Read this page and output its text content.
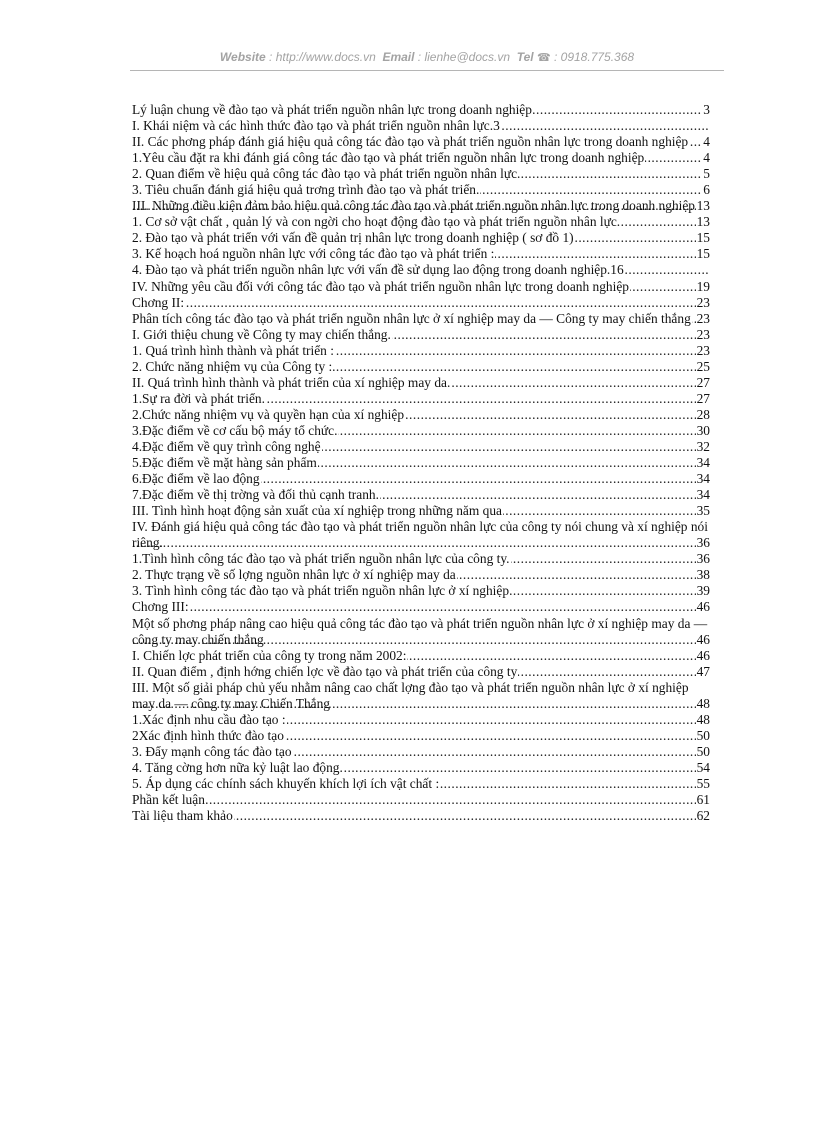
Website : http://www.docs.vn Email : lienhe@docs.vn Tel ☎ : 0918.775.368
.....
Lý luận chung về đào tạo và phát triển nguồn nhân lực trong doanh nghiệp	3
.....
I. Khái niệm và các hình thức đào tạo và phát triển nguồn nhân lực.3
.....
II. Các phơng pháp đánh giá hiệu quả công tác đào tạo và phát triển nguồn nhân lực trong doanh nghiệp 4
.....
1.Yêu cầu đặt ra khi đánh giá công tác đào tạo và phát triển nguồn nhân lực trong doanh nghiệp	4
.....
2. Quan điểm về hiệu quả công tác đào tạo và phát triển nguồn nhân lực.	5
.....
3. Tiêu chuẩn đánh giá hiệu quả trơng trình đào tạo và phát triển.	6
.....
III. Những điều kiện đảm bảo hiệu quả công tác đào tạo và phát triển nguồn nhân lực trong doanh nghiệp 13
.....
1. Cơ sở vật chất , quản lý và con ngời cho hoạt động đào tạo và phát triển nguồn nhân lực.	13
.....
2. Đào tạo và phát triển với vấn đề quản trị nhân lực trong doanh nghiệp ( sơ đồ 1)	15
.....
3. Kế hoạch hoá nguồn nhân lực với công tác đào tạo và phát triển :	15
.....
4. Đào tạo và phát triển nguồn nhân lực với vấn đề sử dụng lao động trong doanh nghiệp.16
.....
IV. Những yêu cầu đối với công tác đào tạo và phát triển nguồn nhân lực trong doanh nghiệp	19
.....
Chơng II:	23
.....
Phân tích công tác đào tạo và phát triển nguồn nhân lực ở xí nghiệp may da — Công ty may chiến thắng 23
.....
I. Giới thiệu chung về Công ty may chiến thắng.	23
.....
1. Quá trình hình thành và phát triển :	23
.....
2. Chức năng nhiệm vụ của Công ty :	25
.....
II. Quá trình hình thành và phát triển của xí nghiệp may da.	27
.....
1.Sự ra đời và phát triển.	27
.....
2.Chức năng nhiệm vụ và quyền hạn của xí nghiệp	28
.....
3.Đặc điểm về cơ cấu bộ máy tổ chức.	30
.....
4.Đặc điểm về quy trình công nghệ	32
.....
5.Đặc điểm về mặt hàng sản phẩm	34
.....
6.Đặc điểm về lao động	34
.....
7.Đặc điểm về thị trờng và đối thủ cạnh tranh.	34
.....
III. Tình hình hoạt động sản xuất của xí nghiệp trong những năm qua	35
.....
IV. Đánh giá hiệu quả công tác đào tạo và phát triển nguồn nhân lực của công ty nói chung và xí nghiệp nói riêng.	36
.....
1.Tình hình công tác đào tạo và phát triển nguồn nhân lực của công ty.	36
.....
2. Thực trạng về số lợng nguồn nhân lực ở xí nghiệp may da	38
.....
3. Tình hình công tác đào tạo và phát triển nguồn nhân lực ở xí nghiệp	39
.....
Chơng III:	46
.....
Một số phơng pháp nâng cao hiệu quả công tác đào tạo và phát triển nguồn nhân lực ở xí nghiệp may da — công ty may chiến thắng	46
.....
I. Chiến lợc phát triển của công ty trong năm 2002:	46
.....
II. Quan điểm , định hớng chiến lợc về đào tạo và phát triển của công ty	47
.....
III. Một số giải pháp chủ yếu nhằm nâng cao chất lợng đào tạo và phát triển nguồn nhân lực ở xí nghiệp may da — công ty may Chiến Thắng	48
.....
1.Xác định nhu cầu đào tạo :	48
.....
2Xác định hình thức đào tạo	50
.....
3. Đẩy mạnh công tác đào tạo	50
.....
4. Tăng cờng hơn nữa kỷ luật lao động.	54
.....
5. Áp dụng các chính sách khuyến khích lợi ích vật chất :	55
.....
Phần kết luận	61
.....
Tài liệu tham khảo	62
